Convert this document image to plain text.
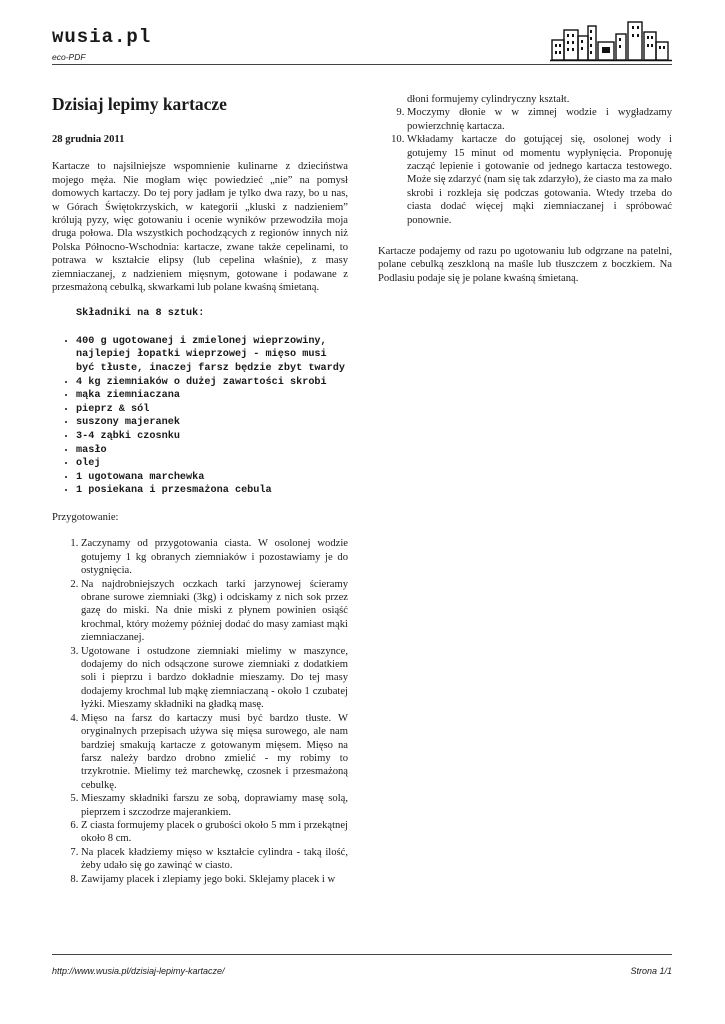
wusia.pl
eco-PDF
Dzisiaj lepimy kartacze
28 grudnia 2011

Kartacze to najsilniejsze wspomnienie kulinarne z dzieciństwa mojego męża. Nie mogłam więc powiedzieć „nie” na pomysł domowych kartaczy. Do tej pory jadłam je tylko dwa razy, bo u nas, w Górach Świętokrzyskich, w kategorii „kluski z nadzieniem” królują pyzy, więc gotowaniu i ocenie wyników przewodziła moja druga połowa. Dla wszystkich pochodzących z regionów innych niż Polska Północno-Wschodnia: kartacze, zwane także cepelinami, to potrawa w kształcie elipsy (lub cepelina właśnie), z masy ziemniaczanej, z nadzieniem mięsnym, gotowane i podawane z przesmażoną cebulką, skwarkami lub polane kwaśną śmietaną.

Składniki na 8 sztuk:
• 400 g ugotowanej i zmielonej wieprzowiny, najlepiej łopatki wieprzowej - mięso musi być tłuste, inaczej farsz będzie zbyt twardy
• 4 kg ziemniaków o dużej zawartości skrobi
• mąka ziemniaczana
• pieprz & sól
• suszony majeranek
• 3-4 ząbki czosnku
• masło
• olej
• 1 ugotowana marchewka
• 1 posiekana i przesmażona cebula

Przygotowanie:

1. Zaczynamy od przygotowania ciasta. W osolonej wodzie gotujemy 1 kg obranych ziemniaków i pozostawiamy je do ostygnięcia.
2. Na najdrobniejszych oczkach tarki jarzynowej ścieramy obrane surowe ziemniaki (3kg) i odciskamy z nich sok przez gazę do miski. Na dnie miski z płynem powinien osiąść krochmal, który możemy później dodać do masy zamiast mąki ziemniaczanej.
3. Ugotowane i ostudzone ziemniaki mielimy w maszynce, dodajemy do nich odsączone surowe ziemniaki z dodatkiem soli i pieprzu i bardzo dokładnie mieszamy. Do tej masy dodajemy krochmal lub mąkę ziemniaczaną - około 1 czubatej łyżki. Mieszamy składniki na gładką masę.
4. Mięso na farsz do kartaczy musi być bardzo tłuste. W oryginalnych przepisach używa się mięsa surowego, ale nam bardziej smakują kartacze z gotowanym mięsem. Mięso na farsz należy bardzo drobno zmielić - my robimy to trzykrotnie. Mielimy też marchewkę, czosnek i przesmażoną cebulkę.
5. Mieszamy składniki farszu ze sobą, doprawiamy masę solą, pieprzem i szczodrze majerankiem.
6. Z ciasta formujemy placek o grubości około 5 mm i przekątnej około 8 cm.
7. Na placek kładziemy mięso w kształcie cylindra - taką ilość, żeby udało się go zawinąć w ciasto.
8. Zawijamy placek i zlepiamy jego boki. Sklejamy placek i w
dłoni formujemy cylindryczny kształt.
9. Moczymy dłonie w w zimnej wodzie i wygładzamy powierzchnię kartacza.
10. Wkładamy kartacze do gotującej się, osolonej wody i gotujemy 15 minut od momentu wypłynięcia. Proponuję zacząć lepienie i gotowanie od jednego kartacza testowego. Może się zdarzyć (nam się tak zdarzyło), że ciasto ma za mało skrobi i rozkleja się podczas gotowania. Wtedy trzeba do ciasta dodać więcej mąki ziemniaczanej i spróbować ponownie.

Kartacze podajemy od razu po ugotowaniu lub odgrzane na patelni, polane cebulką zeszkloną na maśle lub tłuszczem z boczkiem. Na Podlasiu podaje się je polane kwaśną śmietaną.

http://www.wusia.pl/dzisiaj-lepimy-kartacze/	Strona 1/1
